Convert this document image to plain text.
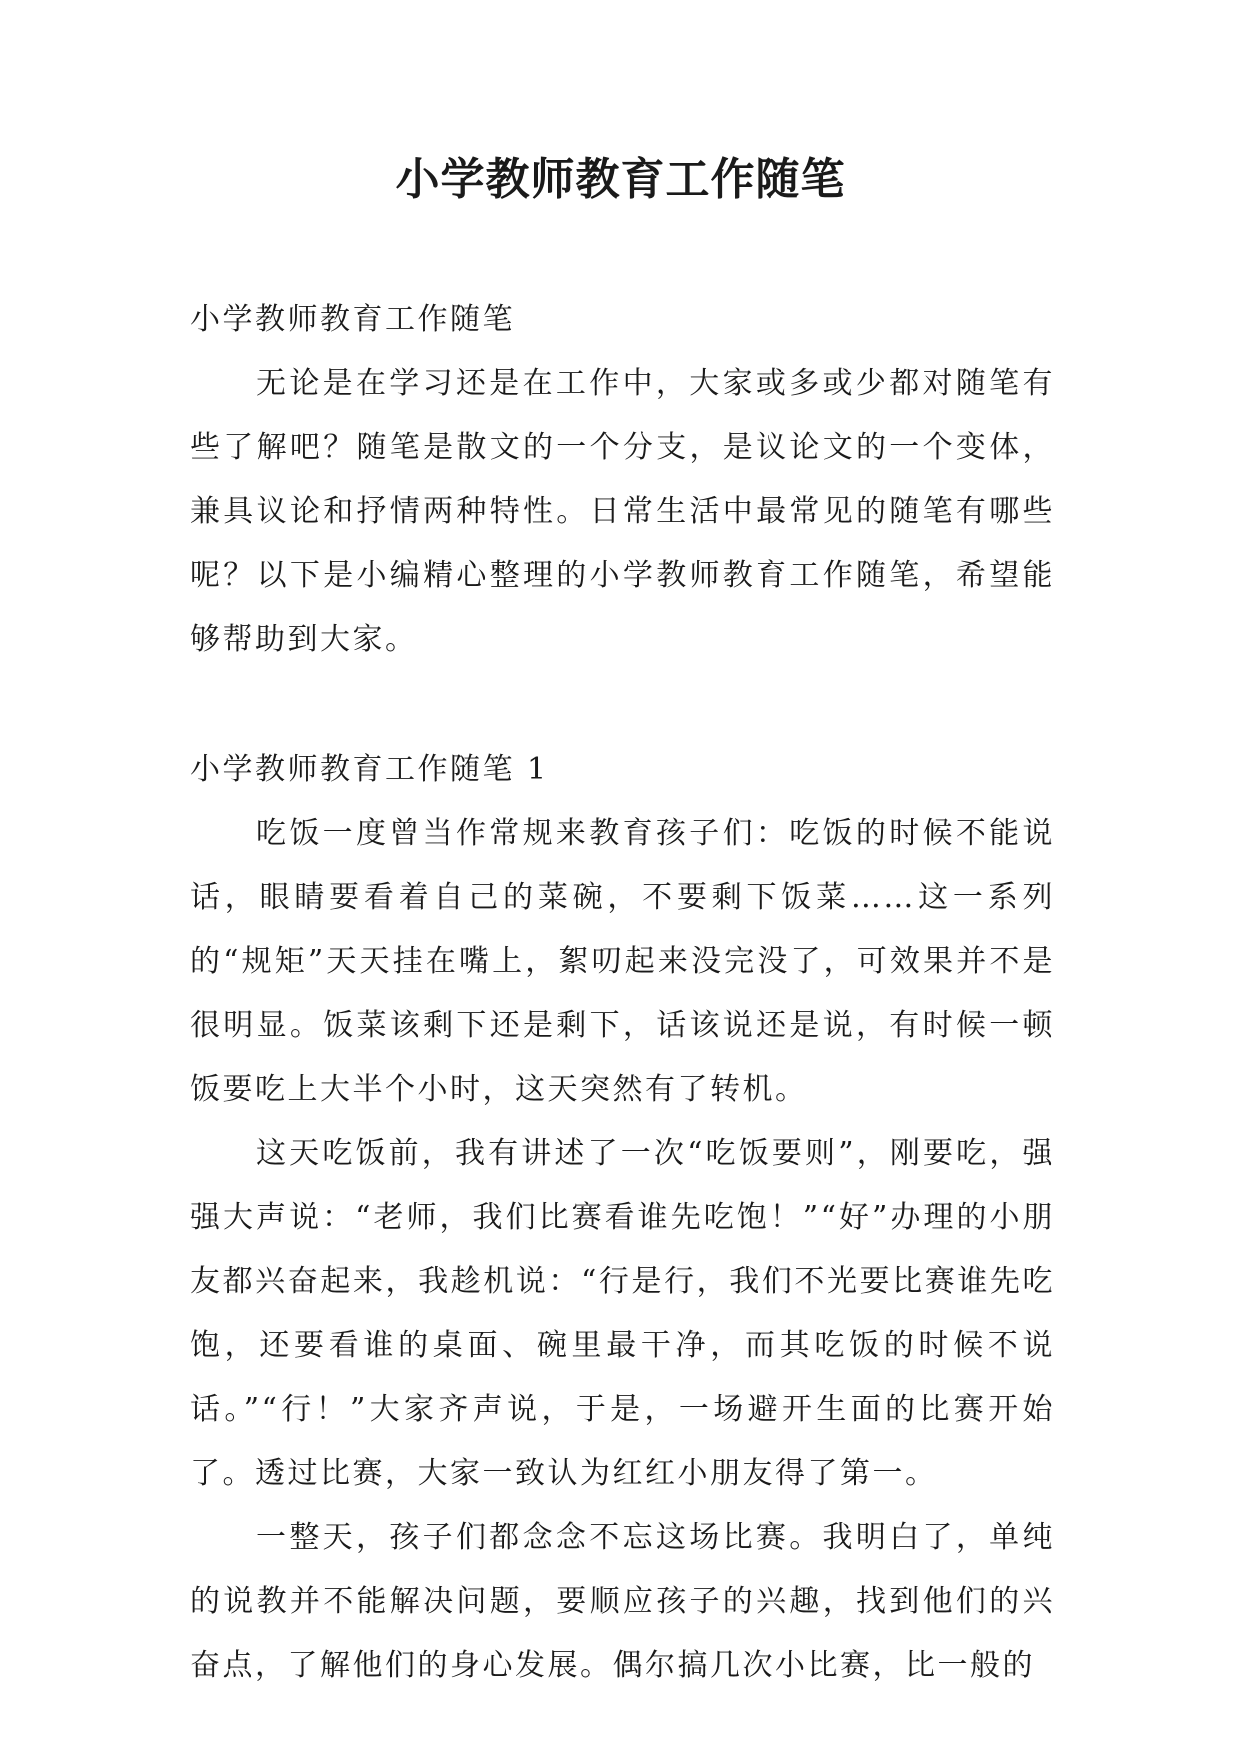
小学教师教育工作随笔

小学教师教育工作随笔

无论是在学习还是在工作中，大家或多或少都对随笔有些了解吧？随笔是散文的一个分支，是议论文的一个变体，兼具议论和抒情两种特性。日常生活中最常见的随笔有哪些呢？以下是小编精心整理的小学教师教育工作随笔，希望能够帮助到大家。

小学教师教育工作随笔 1

吃饭一度曾当作常规来教育孩子们：吃饭的时候不能说话，眼睛要看着自己的菜碗，不要剩下饭菜……这一系列的“规矩”天天挂在嘴上，絮叨起来没完没了，可效果并不是很明显。饭菜该剩下还是剩下，话该说还是说，有时候一顿饭要吃上大半个小时，这天突然有了转机。

这天吃饭前，我有讲述了一次“吃饭要则”，刚要吃，强强大声说：“老师，我们比赛看谁先吃饱！”“好”办理的小朋友都兴奋起来，我趁机说：“行是行，我们不光要比赛谁先吃饱，还要看谁的桌面、碗里最干净，而其吃饭的时候不说话。”“行！”大家齐声说，于是，一场避开生面的比赛开始了。透过比赛，大家一致认为红红小朋友得了第一。

一整天，孩子们都念念不忘这场比赛。我明白了，单纯的说教并不能解决问题，要顺应孩子的兴趣，找到他们的兴奋点，了解他们的身心发展。偶尔搞几次小比赛，比一般的
